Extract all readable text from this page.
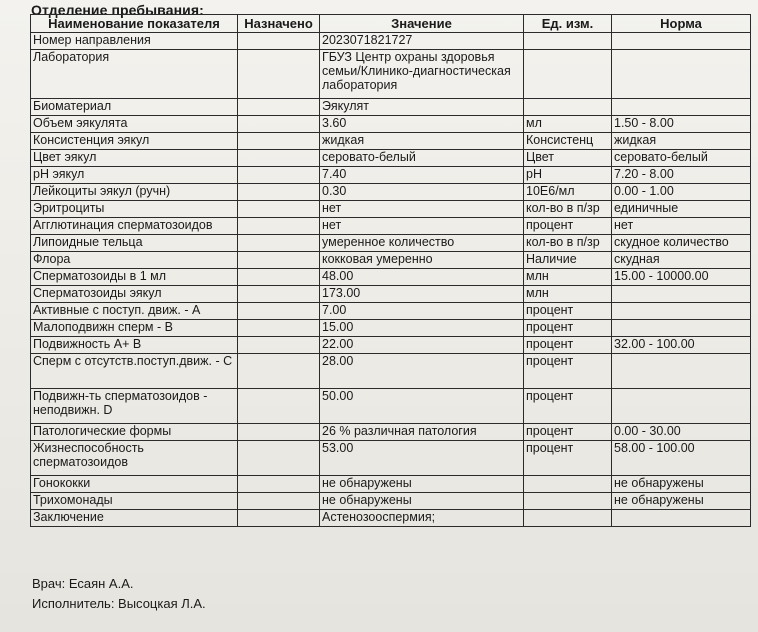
Отделение пребывания:
Наименование показателя	Назначено	Значение	Ед. изм.	Норма
Номер направления		2023071821727		
Лаборатория		ГБУЗ Центр охраны здоровья семьи/Клинико-диагностическая лаборатория		
Биоматериал		Эякулят		
Объем эякулята		3.60	мл	1.50 - 8.00
Консистенция эякул		жидкая	Консистенц	жидкая
Цвет эякул		серовато-белый	Цвет	серовато-белый
pH эякул		7.40	pH	7.20 - 8.00
Лейкоциты эякул (ручн)		0.30	10E6/мл	0.00 - 1.00
Эритроциты		нет	кол-во в п/зр	единичные
Агглютинация сперматозоидов		нет	процент	нет
Липоидные тельца		умеренное количество	кол-во в п/зр	скудное количество
Флора		кокковая умеренно	Наличие	скудная
Сперматозоиды в 1 мл		48.00	млн	15.00 - 10000.00
Сперматозоиды эякул		173.00	млн	
Активные с поступ. движ. - А		7.00	процент	
Малоподвижн сперм - В		15.00	процент	
Подвижность А+ В		22.00	процент	32.00 - 100.00
Сперм с отсутств.поступ.движ. - С		28.00	процент	
Подвижн-ть сперматозоидов - неподвижн. D		50.00	процент	
Патологические формы		26 % различная патология	процент	0.00 - 30.00
Жизнеспособность сперматозоидов		53.00	процент	58.00 - 100.00
Гонококки		не обнаружены		не обнаружены
Трихомонады		не обнаружены		не обнаружены
Заключение		Астенозооспермия;		
Врач: Есаян А.А.
Исполнитель: Высоцкая Л.А.
